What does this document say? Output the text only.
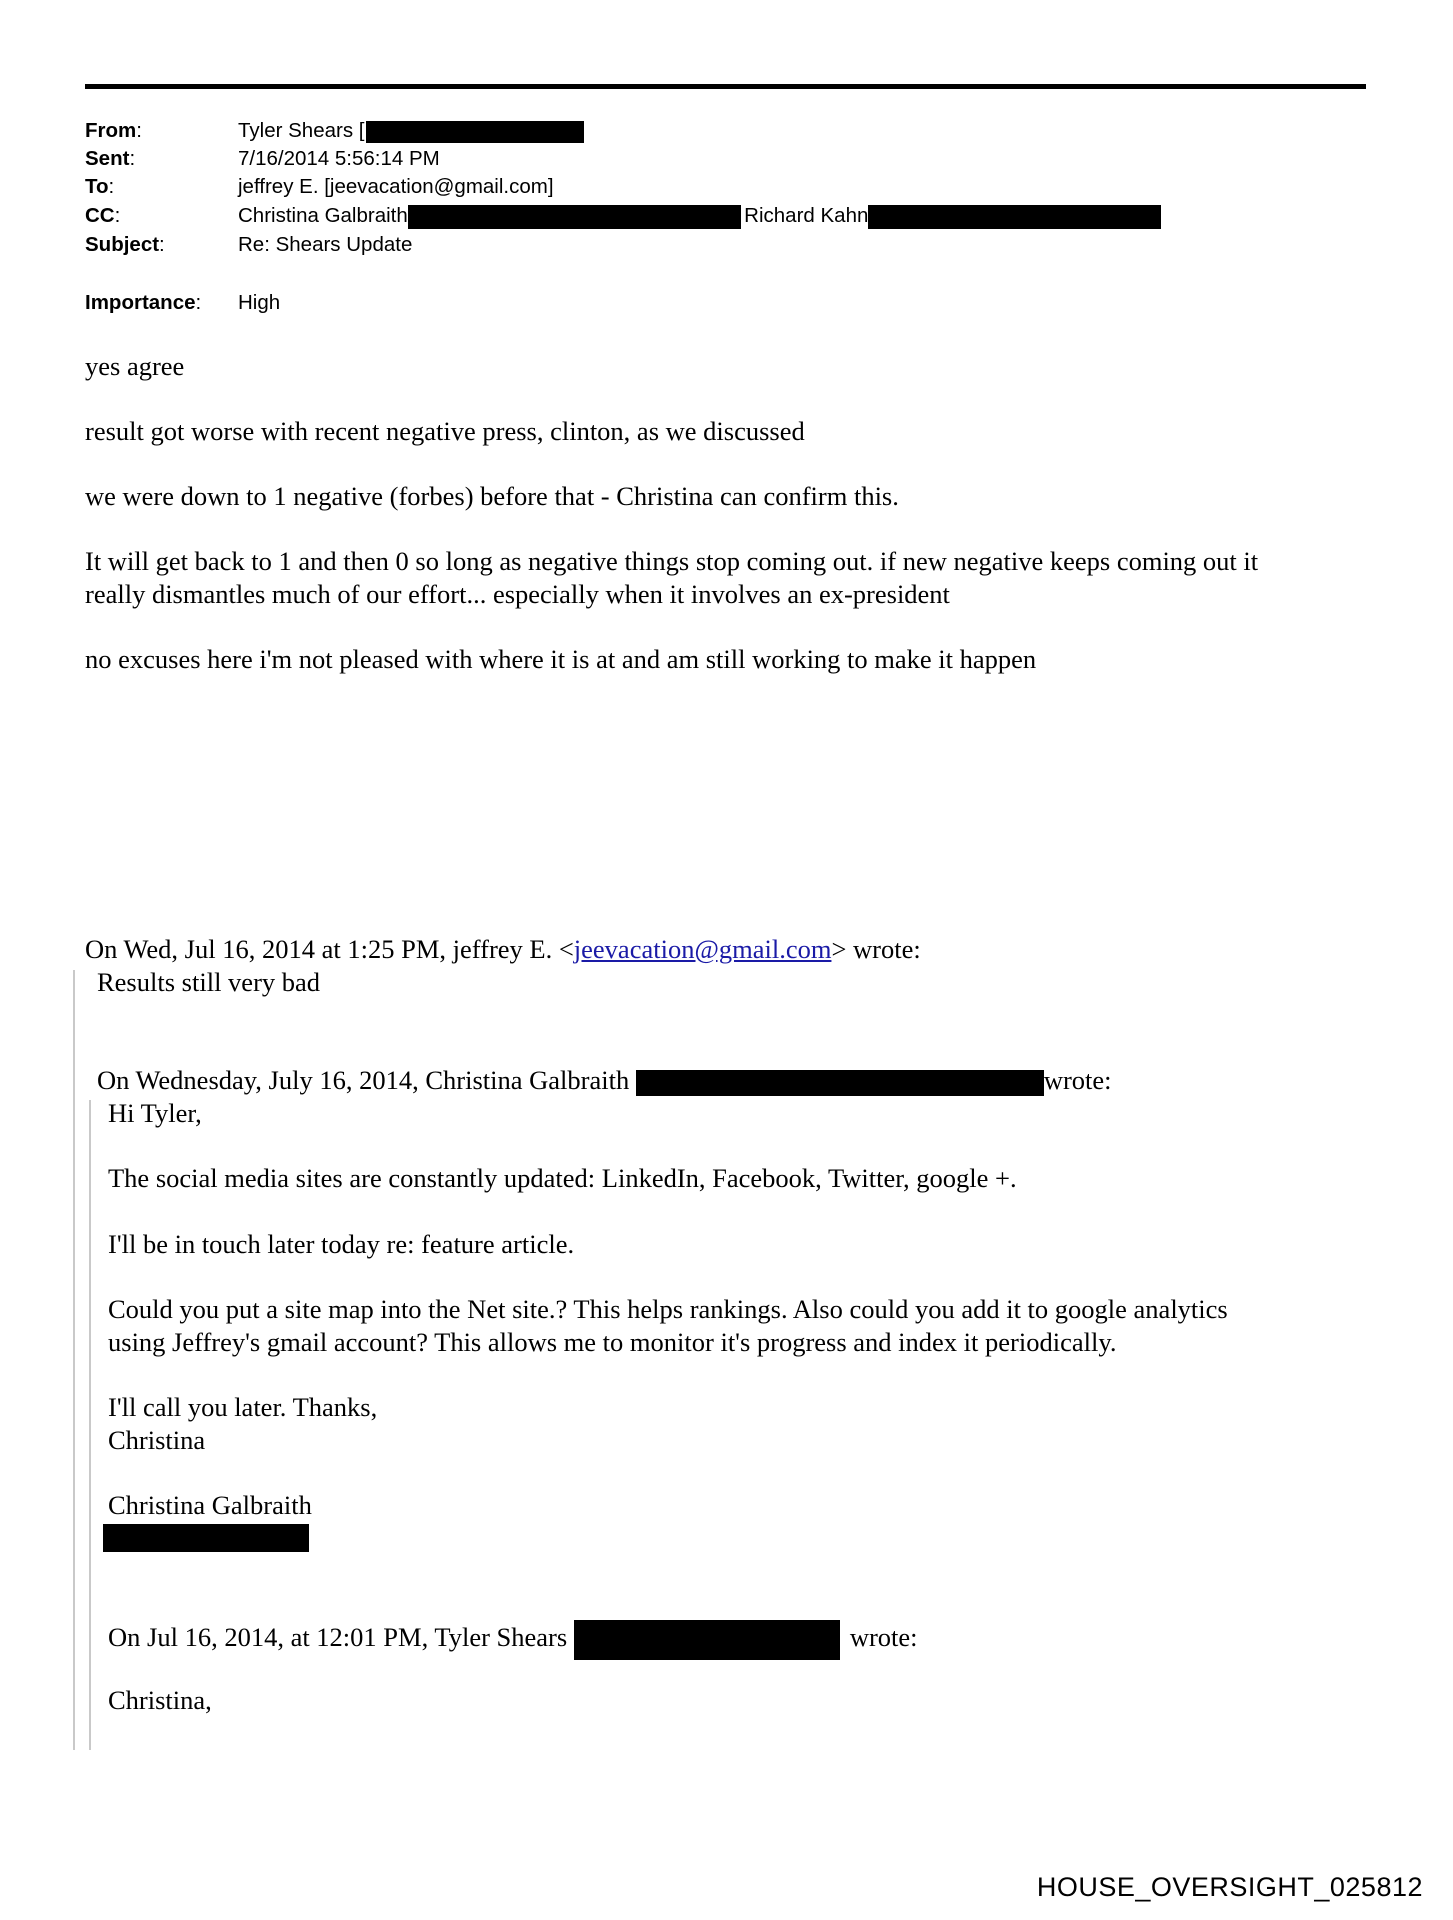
From:	Tyler Shears [
Sent:	7/16/2014 5:56:14 PM
To:	jeffrey E. [jeevacation@gmail.com]
CC:	Christina Galbraith	; Richard Kahn
Subject:	Re: Shears Update
Importance: High
yes agree
result got worse with recent negative press, clinton, as we discussed
we were down to 1 negative (forbes) before that - Christina can confirm this.
It will get back to 1 and then 0 so long as negative things stop coming out. if new negative keeps coming out it
really dismantles much of our effort... especially when it involves an ex-president
no excuses here i'm not pleased with where it is at and am still working to make it happen
On Wed, Jul 16, 2014 at 1:25 PM, jeffrey E. <jeevacation@gmail.com> wrote:
Results still very bad
On Wednesday, July 16, 2014, Christina Galbraith	wrote:
Hi Tyler,
The social media sites are constantly updated: LinkedIn, Facebook, Twitter, google +.
I'll be in touch later today re: feature article.
Could you put a site map into the Net site.? This helps rankings. Also could you add it to google analytics
using Jeffrey's gmail account? This allows me to monitor it's progress and index it periodically.
I'll call you later. Thanks,
Christina
Christina Galbraith
On Jul 16, 2014, at 12:01 PM, Tyler Shears	wrote:
Christina,
HOUSE_OVERSIGHT_025812
